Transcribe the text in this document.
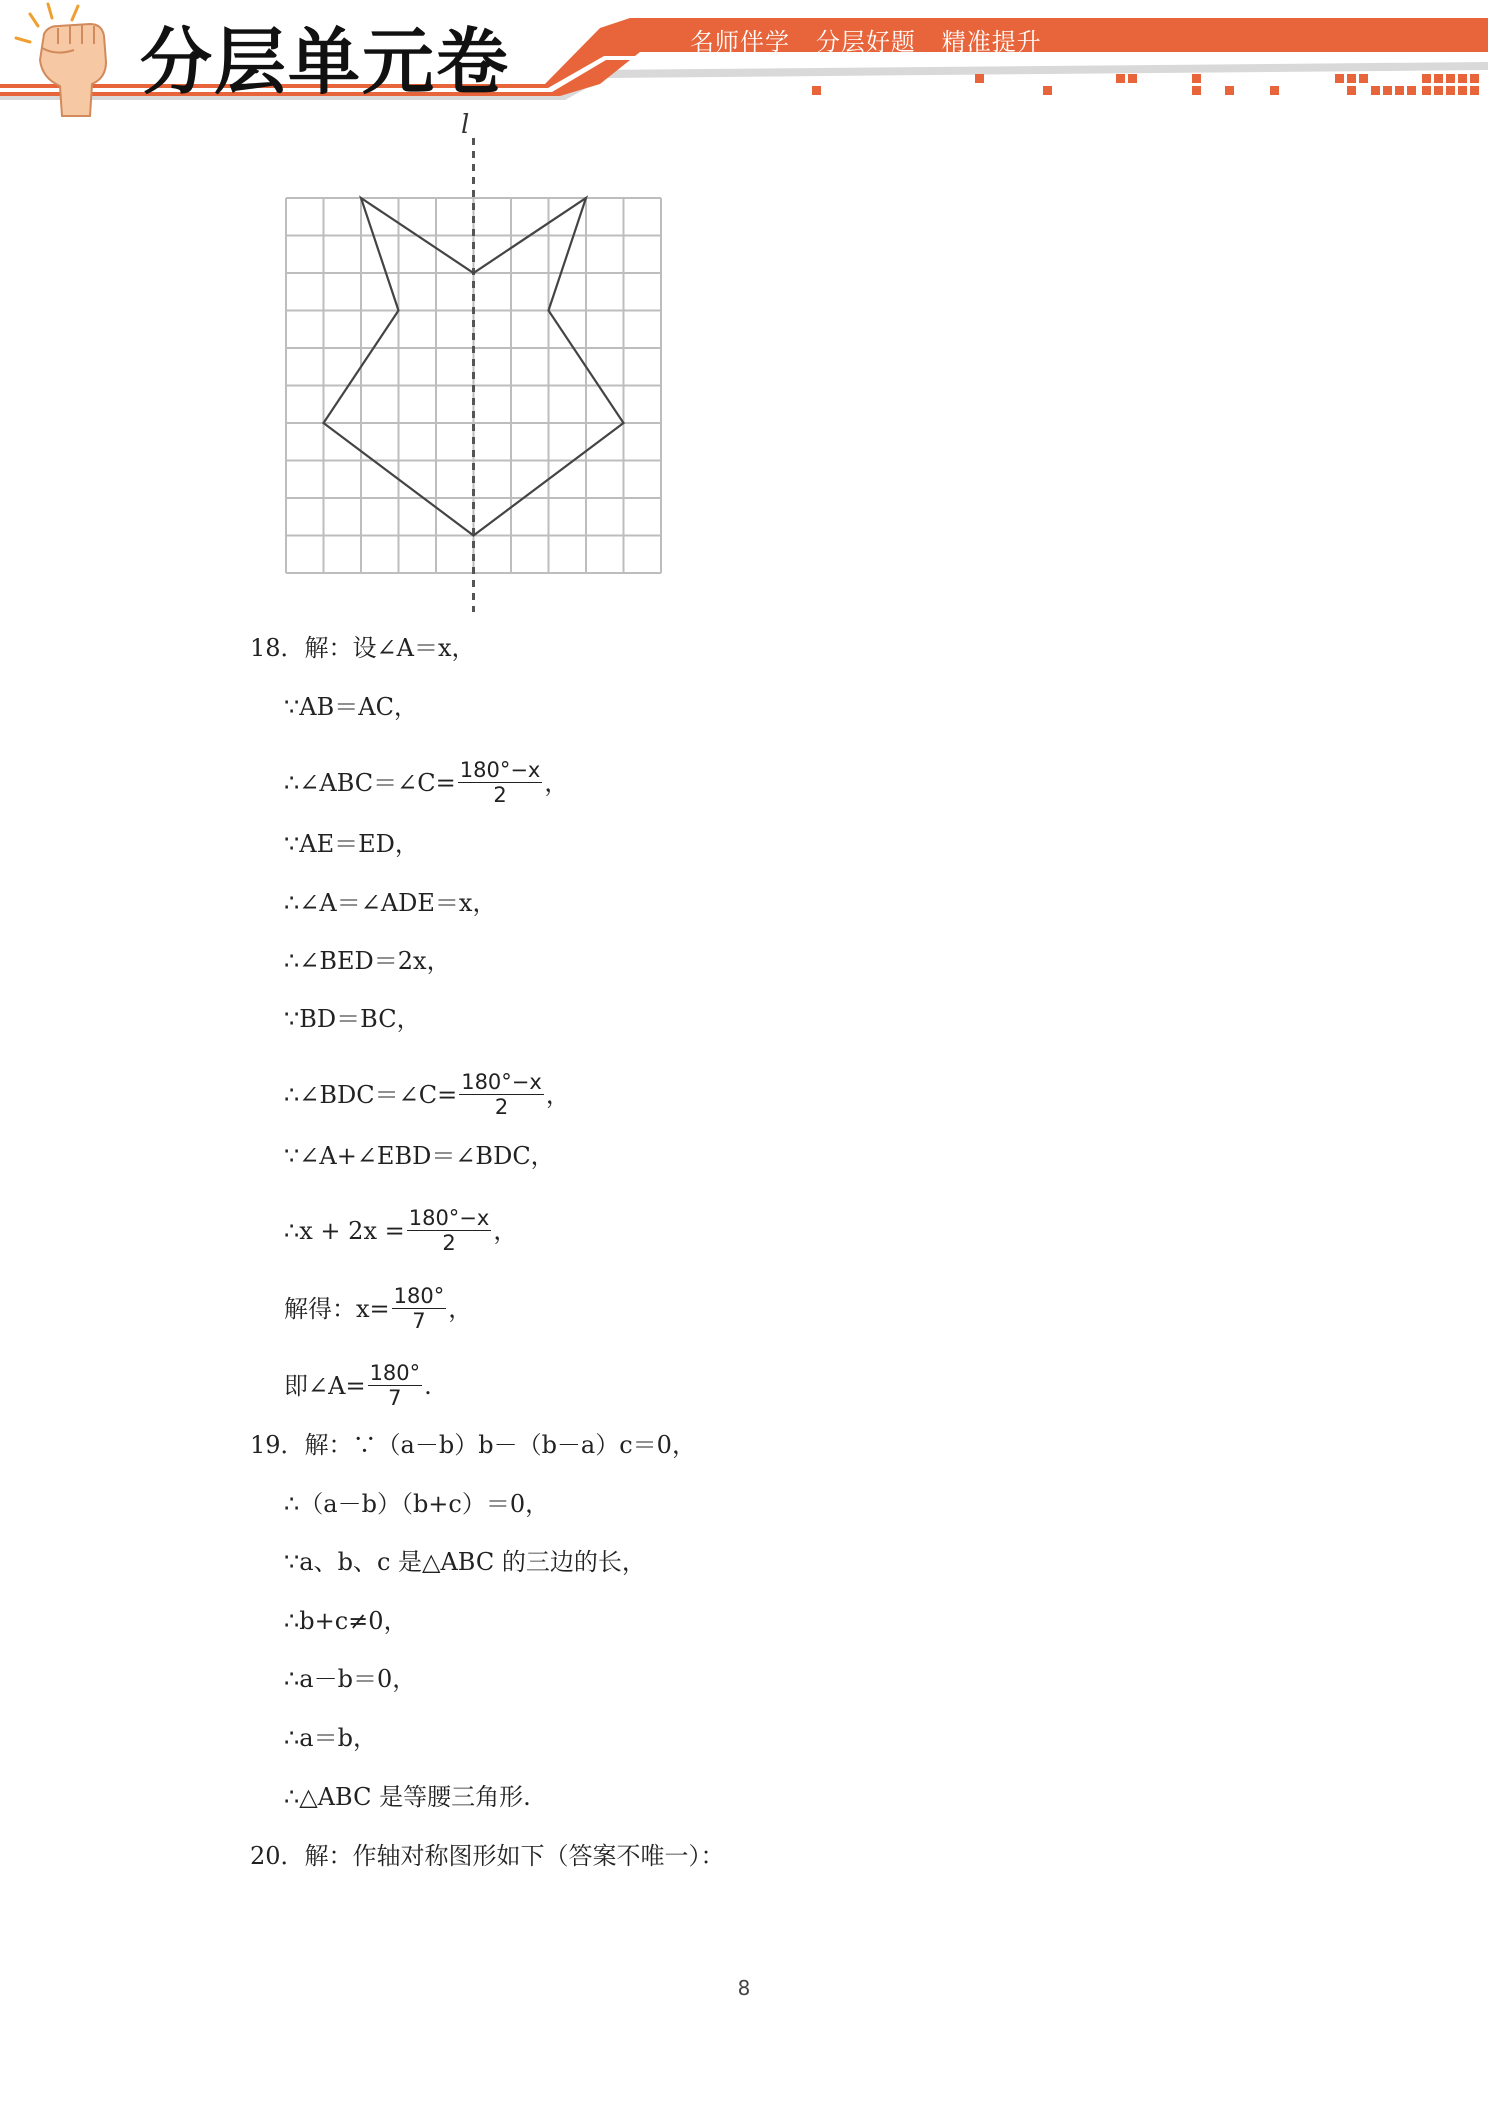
分层单元卷	名师伴学   分层好题   精准提升
l
18．解：设∠A＝x，
∵AB＝AC，
∴∠ABC＝∠C= $\frac{180^\circ-x}{2}$ ，
∵AE＝ED，
∴∠A＝∠ADE＝x，
∴∠BED＝2x，
∵BD＝BC，
∴∠BDC＝∠C= $\frac{180^\circ-x}{2}$ ，
∵∠A+∠EBD＝∠BDC，
∴x + $2x = \frac{180^\circ-x}{2}$ ，
解得：$x= \frac{180^\circ}{7}$ ，
即∠A= $\frac{180^\circ}{7}$ .
19．解：∵（a－b）b－（b－a）c＝0，
∴（a－b）（b+c）＝0，
∵a、b、c 是△ABC 的三边的长，
∴b+c≠0，
∴a－b＝0，
∴a＝b，
∴△ABC 是等腰三角形.
20．解：作轴对称图形如下（答案不唯一）：
8
